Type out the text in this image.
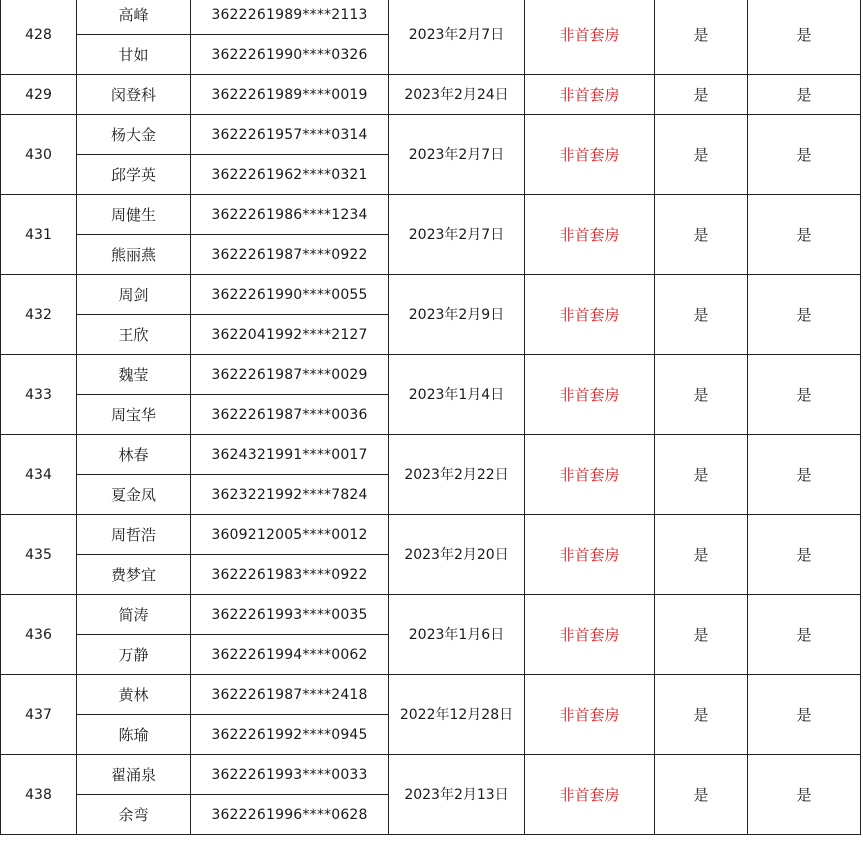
428	高峰	3622261989****2113	2023年2月7日	非首套房	是	是
	甘如	3622261990****0326				
429	闵登科	3622261989****0019	2023年2月24日	非首套房	是	是
430	杨大金	3622261957****0314	2023年2月7日	非首套房	是	是
	邱学英	3622261962****0321				
431	周健生	3622261986****1234	2023年2月7日	非首套房	是	是
	熊丽燕	3622261987****0922				
432	周剑	3622261990****0055	2023年2月9日	非首套房	是	是
	王欣	3622041992****2127				
433	魏莹	3622261987****0029	2023年1月4日	非首套房	是	是
	周宝华	3622261987****0036				
434	林春	3624321991****0017	2023年2月22日	非首套房	是	是
	夏金凤	3623221992****7824				
435	周哲浩	3609212005****0012	2023年2月20日	非首套房	是	是
	费梦宜	3622261983****0922				
436	简涛	3622261993****0035	2023年1月6日	非首套房	是	是
	万静	3622261994****0062				
437	黄林	3622261987****2418	2022年12月28日	非首套房	是	是
	陈瑜	3622261992****0945				
438	翟涌泉	3622261993****0033	2023年2月13日	非首套房	是	是
	余弯	3622261996****0628				
